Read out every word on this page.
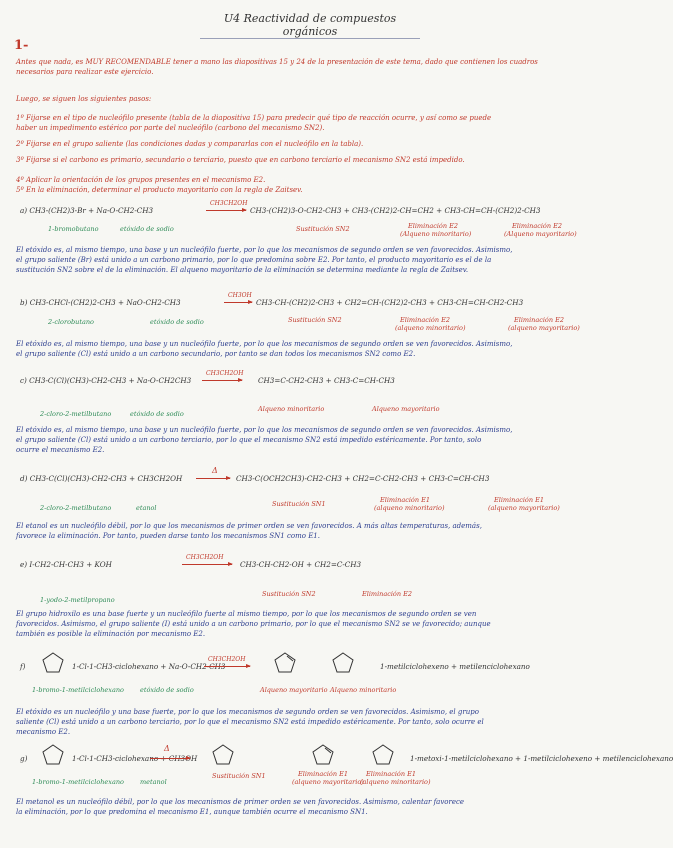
U4 Reactividad de compuestos orgánicos
1-
Antes que nada, es MUY RECOMENDABLE tener a mano las diapositivas 15 y 24 de la presentación de este tema, dado que contienen los cuadros
necesarios para realizar este ejercicio.
Luego, se siguen los siguientes pasos:
1º Fijarse en el tipo de nucleófilo presente (tabla de la diapositiva 15) para predecir qué tipo de reacción ocurre, y así como se puede
haber un impedimento estérico por parte del nucleófilo (carbono del mecanismo SN2).
2º Fijarse en el grupo saliente (las condiciones dadas y compararlas con el nucleófilo en la tabla).
3º Fijarse si el carbono es primario, secundario o terciario, puesto que en carbono terciario el mecanismo SN2 está impedido.
4º Aplicar la orientación de los grupos presentes en el mecanismo E2.
5º En la eliminación, determinar el producto mayoritario con la regla de Zaitsev.
a) CH3-(CH2)3-Br + Na-O-CH2-CH3
CH3CH2OH
→ CH3-(CH2)3-O-CH2-CH3 + CH3-(CH2)2-CH=CH2 + CH3-CH=CH-(CH2)2-CH3
1-bromobutano	etóxido de sodio	Sustitución SN2	Eliminación E2
(Alqueno minoritario)
Eliminación E2
(Alqueno mayoritario)
El etóxido es, al mismo tiempo, una base y un nucleófilo fuerte, por lo que los mecanismos de segundo orden se ven favorecidos. Asimismo,
el grupo saliente (Br) está unido a un carbono primario, por lo que predomina sobre E2. Por tanto, el producto mayoritario es el de la
sustitución SN2 sobre el de la eliminación. El alqueno mayoritario de la eliminación se determina mediante la regla de Zaitsev.
b) CH3-CHCl-(CH2)2-CH3 + NaO-CH2-CH3
CH3OH
→ CH3-CH-(CH2)2-CH3 + CH2=CH-(CH2)2-CH3 + CH3-CH=CH-CH2-CH3
2-clorobutano	etóxido de sodio	Sustitución SN2	Eliminación E2
(alqueno minoritario)
Eliminación E2
(alqueno mayoritario)
El etóxido es, al mismo tiempo, una base y un nucleófilo fuerte, por lo que los mecanismos de segundo orden se ven favorecidos. Asimismo,
el grupo saliente (Cl) está unido a un carbono secundario, por tanto se dan todos los mecanismos SN2 como E2.
c) CH3-C(Cl)(CH3)-CH2-CH3 + Na-O-CH2CH3
CH3CH2OH
→ CH3=C-CH2-CH3 + CH3-C=CH-CH3
2-cloro-2-metilbutano	etóxido de sodio
Alqueno minoritario	Alqueno mayoritario
El etóxido es, al mismo tiempo, una base y un nucleófilo fuerte, por lo que los mecanismos de segundo orden se ven favorecidos. Asimismo,
el grupo saliente (Cl) está unido a un carbono terciario, por lo que el mecanismo SN2 está impedido estéricamente. Por tanto, solo
ocurre el mecanismo E2.
d) CH3-C(Cl)(CH3)-CH2-CH3 + CH3CH2OH
Δ
→ CH3-C(OCH2CH3)-CH2-CH3 + CH2=C-CH2-CH3 + CH3-C=CH-CH3
2-cloro-2-metilbutano	etanol	Sustitución SN1	Eliminación E1
(alqueno minoritario)
Eliminación E1
(alqueno mayoritario)
El etanol es un nucleófilo débil, por lo que los mecanismos de primer orden se ven favorecidos. A más altas temperaturas, además,
favorece la eliminación. Por tanto, pueden darse tanto los mecanismos SN1 como E1.
e) I-CH2-CH-CH3 + KOH
CH3CH2OH
→ CH3-CH-CH2-OH + CH2=C-CH3
1-yodo-2-metilpropano
Sustitución SN2	Eliminación E2
El grupo hidroxilo es una base fuerte y un nucleófilo fuerte al mismo tiempo, por lo que los mecanismos de segundo orden se ven
favorecidos. Asimismo, el grupo saliente (I) está unido a un carbono primario, por lo que el mecanismo SN2 se ve favorecido; aunque
también es posible la eliminación por mecanismo E2.
f)	1-Cl-1-CH3-ciclohexano + Na-O-CH2-CH3
CH3CH2OH
1-metilciclohexeno + metilenciclohexano
1-bromo-1-metilciclohexano etóxido de sodio	Alqueno mayoritario Alqueno minoritario
El etóxido es un nucleófilo y una base fuerte, por lo que los mecanismos de segundo orden se ven favorecidos. Asimismo, el grupo
saliente (Cl) está unido a un carbono terciario, por lo que el mecanismo SN2 está impedido estéricamente. Por tanto, solo ocurre el
mecanismo E2.
g)	1-Cl-1-CH3-ciclohexano + CH3OH
Δ
1-metoxi-1-metilciclohexano + 1-metilciclohexeno + metilenciclohexano
1-bromo-1-metilciclohexano metanol
Sustitución SN1	Eliminación E1
(alqueno mayoritario)
Eliminación E1
(alqueno minoritario)
El metanol es un nucleófilo débil, por lo que los mecanismos de primer orden se ven favorecidos. Asimismo, calentar favorece
la eliminación, por lo que predomina el mecanismo E1, aunque también ocurre el mecanismo SN1.
